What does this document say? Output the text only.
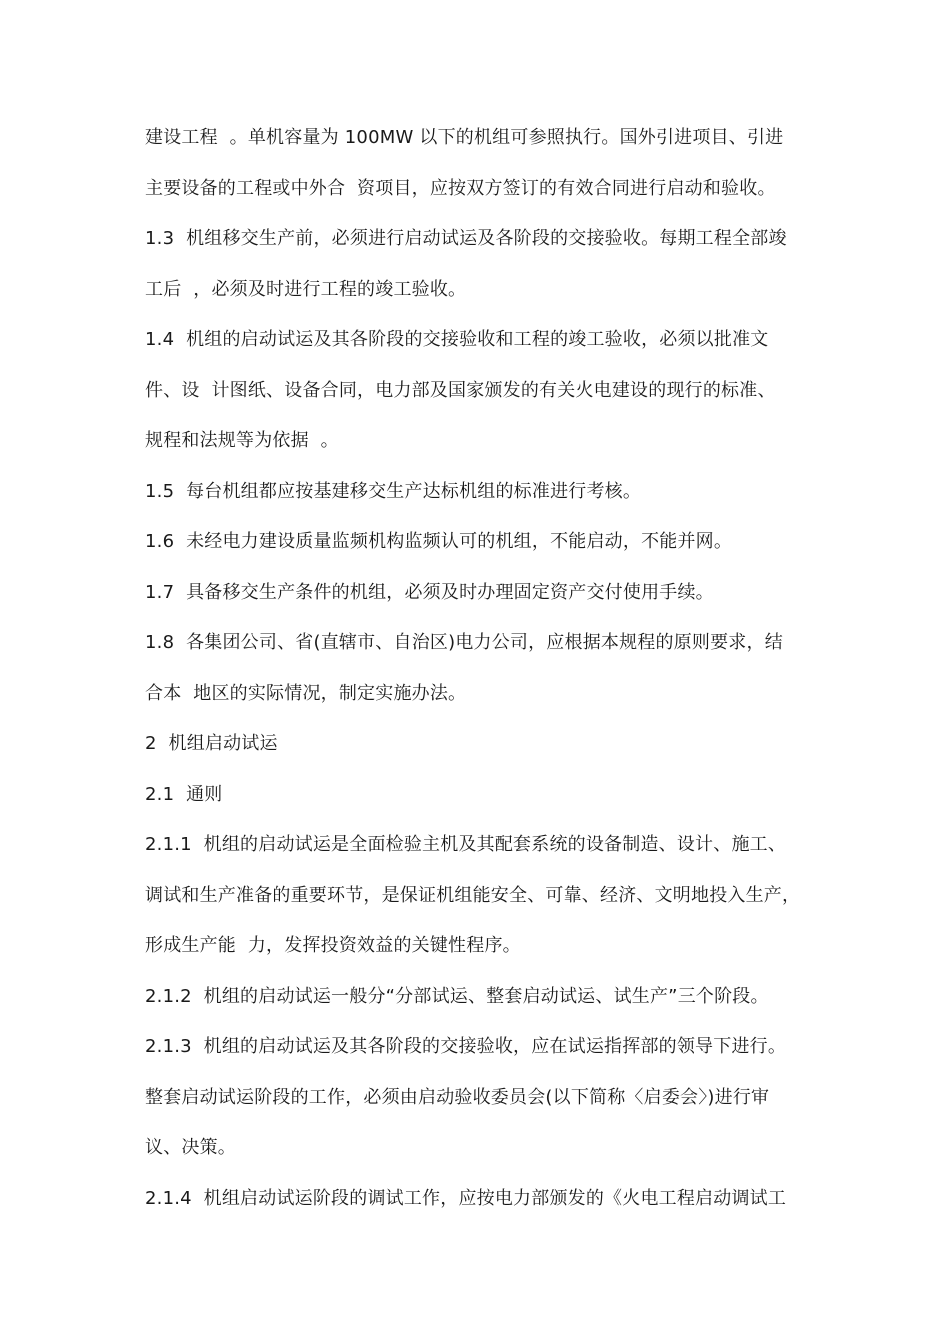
建设工程  。单机容量为 100MW 以下的机组可参照执行。国外引进项目、引进
主要设备的工程或中外合  资项目，应按双方签订的有效合同进行启动和验收。
1.3  机组移交生产前，必须进行启动试运及各阶段的交接验收。每期工程全部竣
工后  ，必须及时进行工程的竣工验收。
1.4  机组的启动试运及其各阶段的交接验收和工程的竣工验收，必须以批准文
件、设  计图纸、设备合同，电力部及国家颁发的有关火电建设的现行的标准、
规程和法规等为依据  。
1.5  每台机组都应按基建移交生产达标机组的标准进行考核。
1.6  未经电力建设质量监频机构监频认可的机组，不能启动，不能并网。
1.7  具备移交生产条件的机组，必须及时办理固定资产交付使用手续。
1.8  各集团公司、省(直辖市、自治区)电力公司，应根据本规程的原则要求，结
合本  地区的实际情况，制定实施办法。
2  机组启动试运
2.1  通则
2.1.1  机组的启动试运是全面检验主机及其配套系统的设备制造、设计、施工、
调试和生产准备的重要环节，是保证机组能安全、可靠、经济、文明地投入生产，
形成生产能  力，发挥投资效益的关键性程序。
2.1.2  机组的启动试运一般分“分部试运、整套启动试运、试生产”三个阶段。
2.1.3  机组的启动试运及其各阶段的交接验收，应在试运指挥部的领导下进行。
整套启动试运阶段的工作，必须由启动验收委员会(以下简称〈启委会〉)进行审
议、决策。
2.1.4  机组启动试运阶段的调试工作，应按电力部颁发的《火电工程启动调试工
